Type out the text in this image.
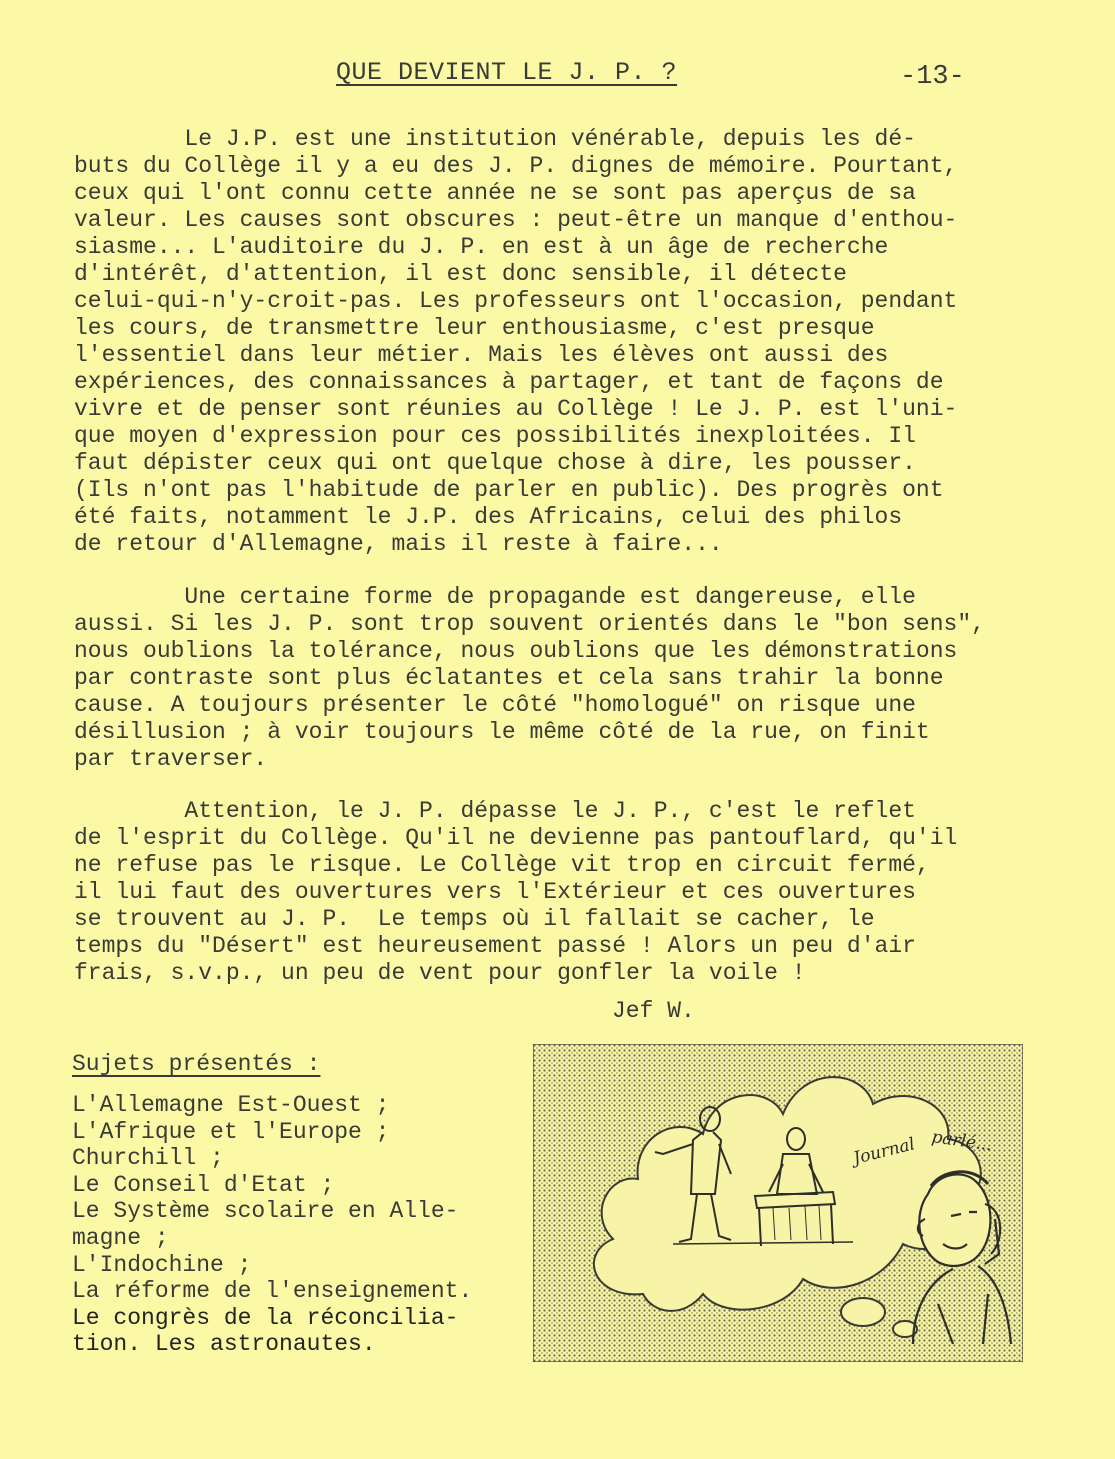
QUE DEVIENT LE J. P. ?	-13-
Le J.P. est une institution vénérable, depuis les dé-
buts du Collège il y a eu des J. P. dignes de mémoire. Pourtant,
ceux qui l'ont connu cette année ne se sont pas aperçus de sa
valeur. Les causes sont obscures : peut-être un manque d'enthou-
siasme... L'auditoire du J. P. en est à un âge de recherche
d'intérêt, d'attention, il est donc sensible, il détecte
celui-qui-n'y-croit-pas. Les professeurs ont l'occasion, pendant
les cours, de transmettre leur enthousiasme, c'est presque
l'essentiel dans leur métier. Mais les élèves ont aussi des
expériences, des connaissances à partager, et tant de façons de
vivre et de penser sont réunies au Collège ! Le J. P. est l'uni-
que moyen d'expression pour ces possibilités inexploitées. Il
faut dépister ceux qui ont quelque chose à dire, les pousser.
(Ils n'ont pas l'habitude de parler en public). Des progrès ont
été faits, notamment le J.P. des Africains, celui des philos
de retour d'Allemagne, mais il reste à faire...
Une certaine forme de propagande est dangereuse, elle
aussi. Si les J. P. sont trop souvent orientés dans le "bon sens",
nous oublions la tolérance, nous oublions que les démonstrations
par contraste sont plus éclatantes et cela sans trahir la bonne
cause. A toujours présenter le côté "homologué" on risque une
désillusion ; à voir toujours le même côté de la rue, on finit
par traverser.
Attention, le J. P. dépasse le J. P., c'est le reflet
de l'esprit du Collège. Qu'il ne devienne pas pantouflard, qu'il
ne refuse pas le risque. Le Collège vit trop en circuit fermé,
il lui faut des ouvertures vers l'Extérieur et ces ouvertures
se trouvent au J. P.  Le temps où il fallait se cacher, le
temps du "Désert" est heureusement passé ! Alors un peu d'air
frais, s.v.p., un peu de vent pour gonfler la voile !
Jef W.
Sujets présentés :
L'Allemagne Est-Ouest ;
L'Afrique et l'Europe ;
Churchill ;
Le Conseil d'Etat ;
Le Système scolaire en Alle-
magne ;
L'Indochine ;
La réforme de l'enseignement.
Le congrès de la réconcilia-
tion. Les astronautes.
Journal parlé...
